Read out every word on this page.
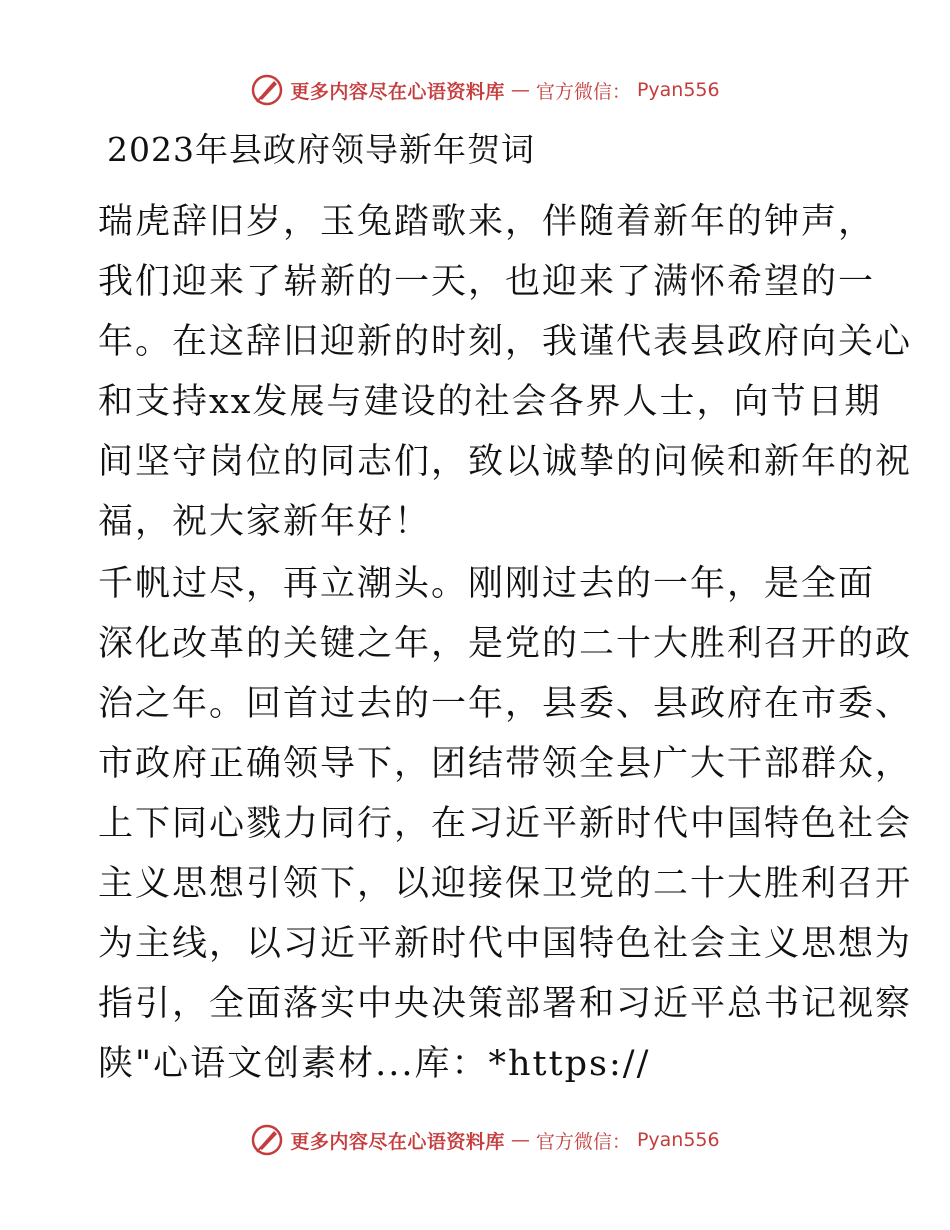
更多内容尽在心语资料库 — 官方微信： Pyan556
2023年县政府领导新年贺词
瑞虎辞旧岁，玉兔踏歌来，伴随着新年的钟声，
我们迎来了崭新的一天，也迎来了满怀希望的一
年。在这辞旧迎新的时刻，我谨代表县政府向关心
和支持xx发展与建设的社会各界人士，向节日期
间坚守岗位的同志们，致以诚挚的问候和新年的祝
福，祝大家新年好！
千帆过尽，再立潮头。刚刚过去的一年，是全面
深化改革的关键之年，是党的二十大胜利召开的政
治之年。回首过去的一年，县委、县政府在市委、
市政府正确领导下，团结带领全县广大干部群众，
上下同心戮力同行，在习近平新时代中国特色社会
主义思想引领下，以迎接保卫党的二十大胜利召开
为主线，以习近平新时代中国特色社会主义思想为
指引，全面落实中央决策部署和习近平总书记视察
陕"心语文创素材...库：*https://
更多内容尽在心语资料库 — 官方微信： Pyan556
